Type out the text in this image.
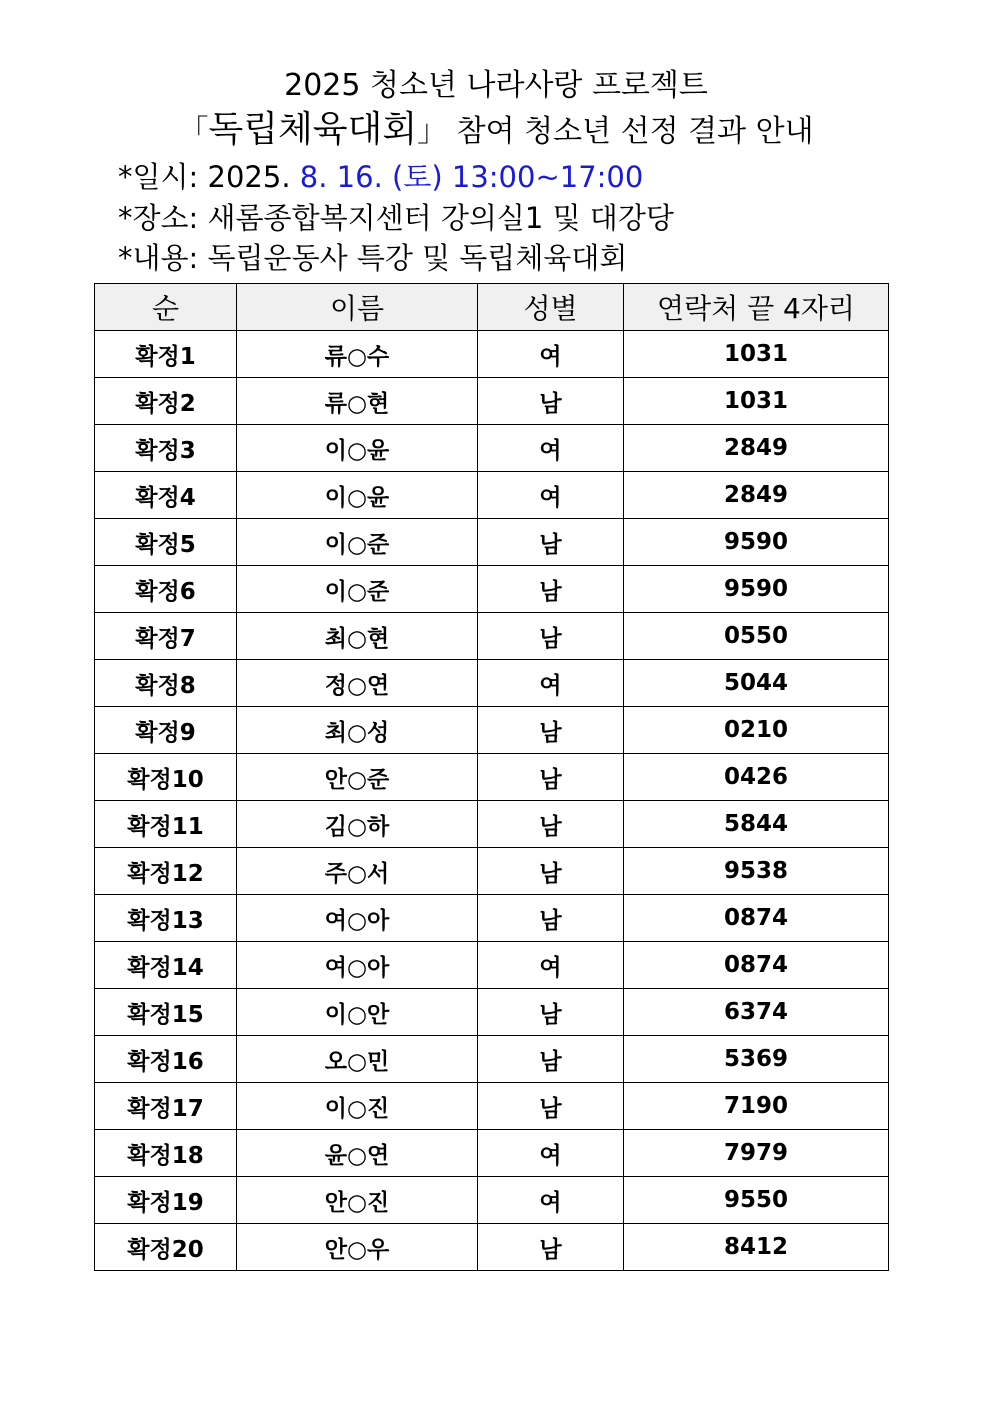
2025 청소년 나라사랑 프로젝트
「독립체육대회」 참여 청소년 선정 결과 안내
*일시: 2025. 8. 16. (토) 13:00~17:00
*장소: 새롬종합복지센터 강의실1 및 대강당
*내용: 독립운동사 특강 및 독립체육대회
순	이름	성별	연락처 끝 4자리
확정1	류○수	여	1031
확정2	류○현	남	1031
확정3	이○윤	여	2849
확정4	이○윤	여	2849
확정5	이○준	남	9590
확정6	이○준	남	9590
확정7	최○현	남	0550
확정8	정○연	여	5044
확정9	최○성	남	0210
확정10	안○준	남	0426
확정11	김○하	남	5844
확정12	주○서	남	9538
확정13	여○아	남	0874
확정14	여○아	여	0874
확정15	이○안	남	6374
확정16	오○민	남	5369
확정17	이○진	남	7190
확정18	윤○연	여	7979
확정19	안○진	여	9550
확정20	안○우	남	8412
